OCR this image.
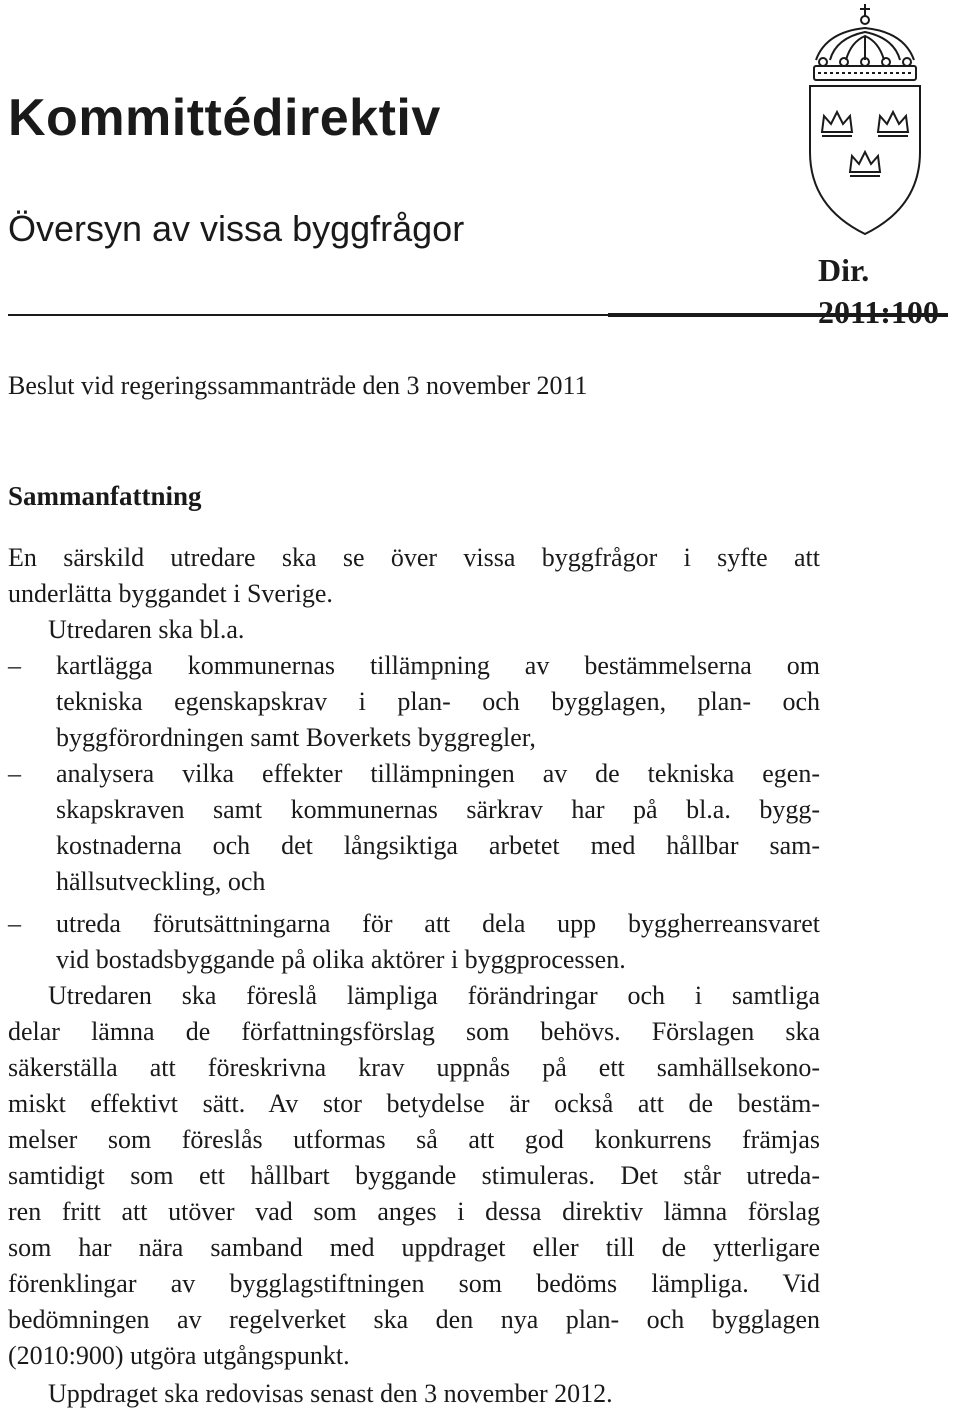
Kommittédirektiv
Översyn av vissa byggfrågor
Dir.
2011:100
Beslut vid regeringssammanträde den 3 november 2011
Sammanfattning
En särskild utredare ska se över vissa byggfrågor i syfte att
underlätta byggandet i Sverige.
Utredaren ska bl.a.
– kartlägga kommunernas tillämpning av bestämmelserna om
tekniska egenskapskrav i plan- och bygglagen, plan- och
byggförordningen samt Boverkets byggregler,
– analysera vilka effekter tillämpningen av de tekniska egen-
skapskraven samt kommunernas särkrav har på bl.a. bygg-
kostnaderna och det långsiktiga arbetet med hållbar sam-
hällsutveckling, och
– utreda förutsättningarna för att dela upp byggherreansvaret
vid bostadsbyggande på olika aktörer i byggprocessen.
Utredaren ska föreslå lämpliga förändringar och i samtliga
delar lämna de författningsförslag som behövs. Förslagen ska
säkerställa att föreskrivna krav uppnås på ett samhällsekono-
miskt effektivt sätt. Av stor betydelse är också att de bestäm-
melser som föreslås utformas så att god konkurrens främjas
samtidigt som ett hållbart byggande stimuleras. Det står utreda-
ren fritt att utöver vad som anges i dessa direktiv lämna förslag
som har nära samband med uppdraget eller till de ytterligare
förenklingar av bygglagstiftningen som bedöms lämpliga. Vid
bedömningen av regelverket ska den nya plan- och bygglagen
(2010:900) utgöra utgångspunkt.
Uppdraget ska redovisas senast den 3 november 2012.
